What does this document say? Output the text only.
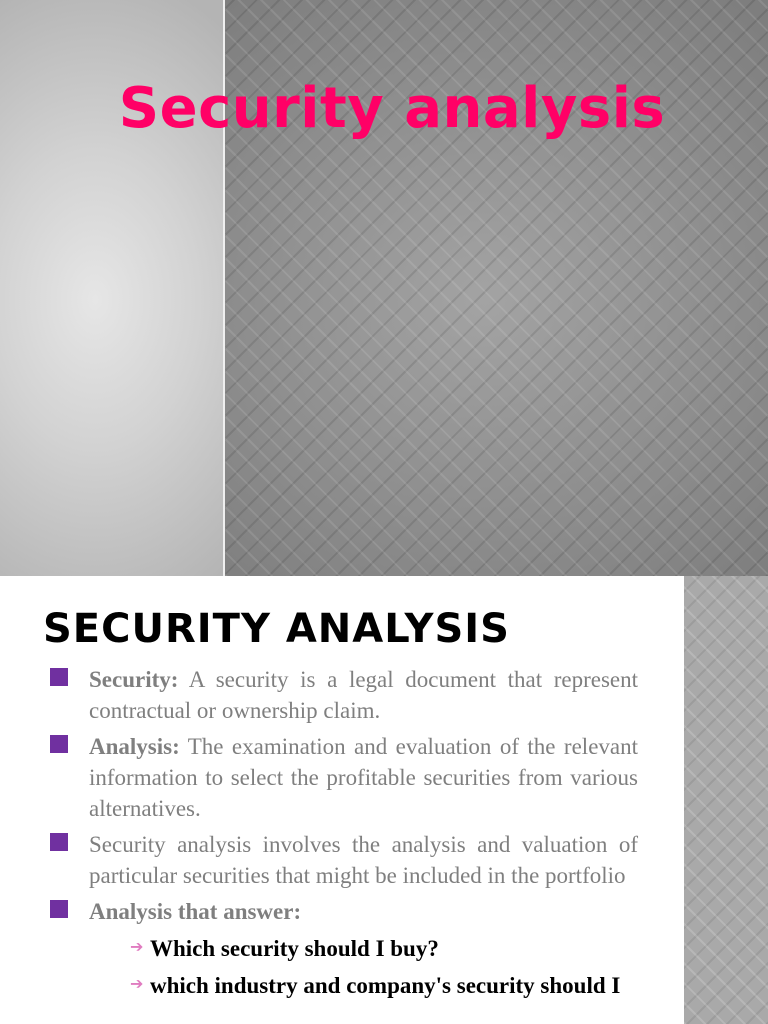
Security analysis
SECURITY ANALYSIS
Security: A security is a legal document that represent contractual or ownership claim.
Analysis: The examination and evaluation of the relevant information to select the profitable securities from various alternatives.
Security analysis involves the analysis and valuation of particular securities that might be included in the portfolio
Analysis that answer:
➔ Which security should I buy?
➔ which industry and company's security should I
